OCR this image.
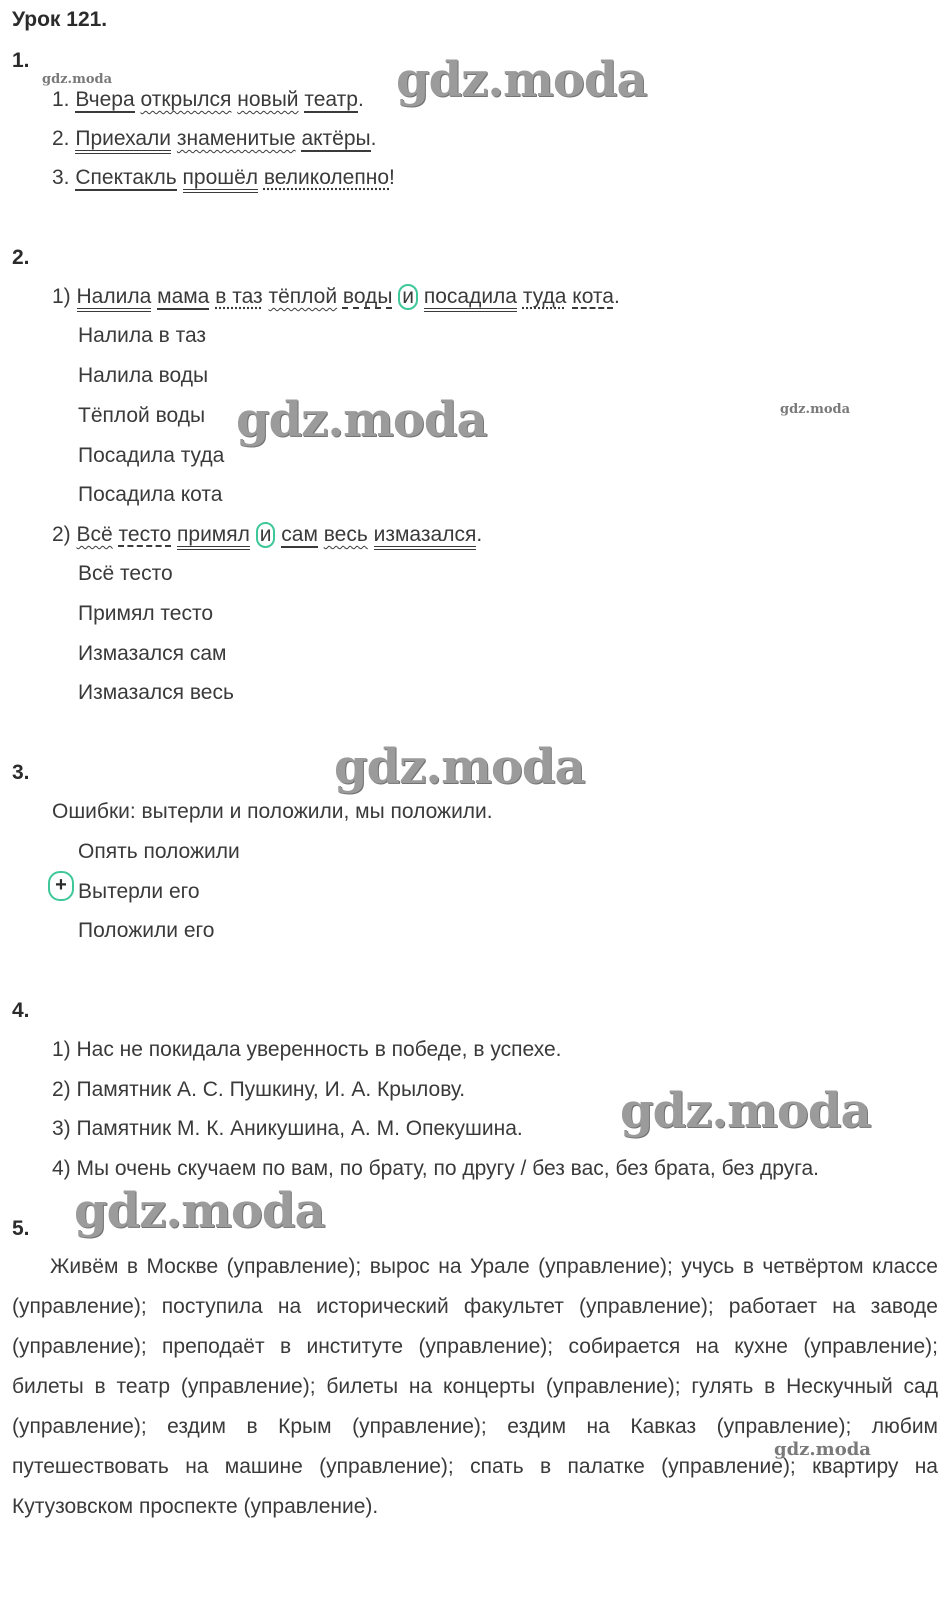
Урок 121.
1.
1. Вчера открылся новый театр.
2. Приехали знаменитые актёры.
3. Спектакль прошёл великолепно!
2.
1) Налила мама в таз тёплой воды и посадила туда кота.
Налила в таз
Налила воды
Тёплой воды
Посадила туда
Посадила кота
2) Всё тесто примял и сам весь измазался.
Всё тесто
Примял тесто
Измазался сам
Измазался весь
3.
Ошибки: вытерли и положили, мы положили.
+
Опять положили
Вытерли его
Положили его
4.
1) Нас не покидала уверенность в победе, в успехе.
2) Памятник А. С. Пушкину, И. А. Крылову.
3) Памятник М. К. Аникушина, А. М. Опекушина.
4) Мы очень скучаем по вам, по брату, по другу / без вас, без брата, без друга.
5.
Живём в Москве (управление); вырос на Урале (управление); учусь в четвёртом классе (управление); поступила на исторический факультет (управление); работает на заводе (управление); преподаёт в институте (управление); собирается на кухне (управление); билеты в театр (управление); билеты на концерты (управление); гулять в Нескучный сад (управление); ездим в Крым (управление); ездим на Кавказ (управление); любим путешествовать на машине (управление); спать в палатке (управление); квартиру на Кутузовском проспекте (управление).
gdz.moda	gdz.moda
gdz.moda	gdz.moda
gdz.moda
gdz.moda
gdz.moda
gdz.moda
